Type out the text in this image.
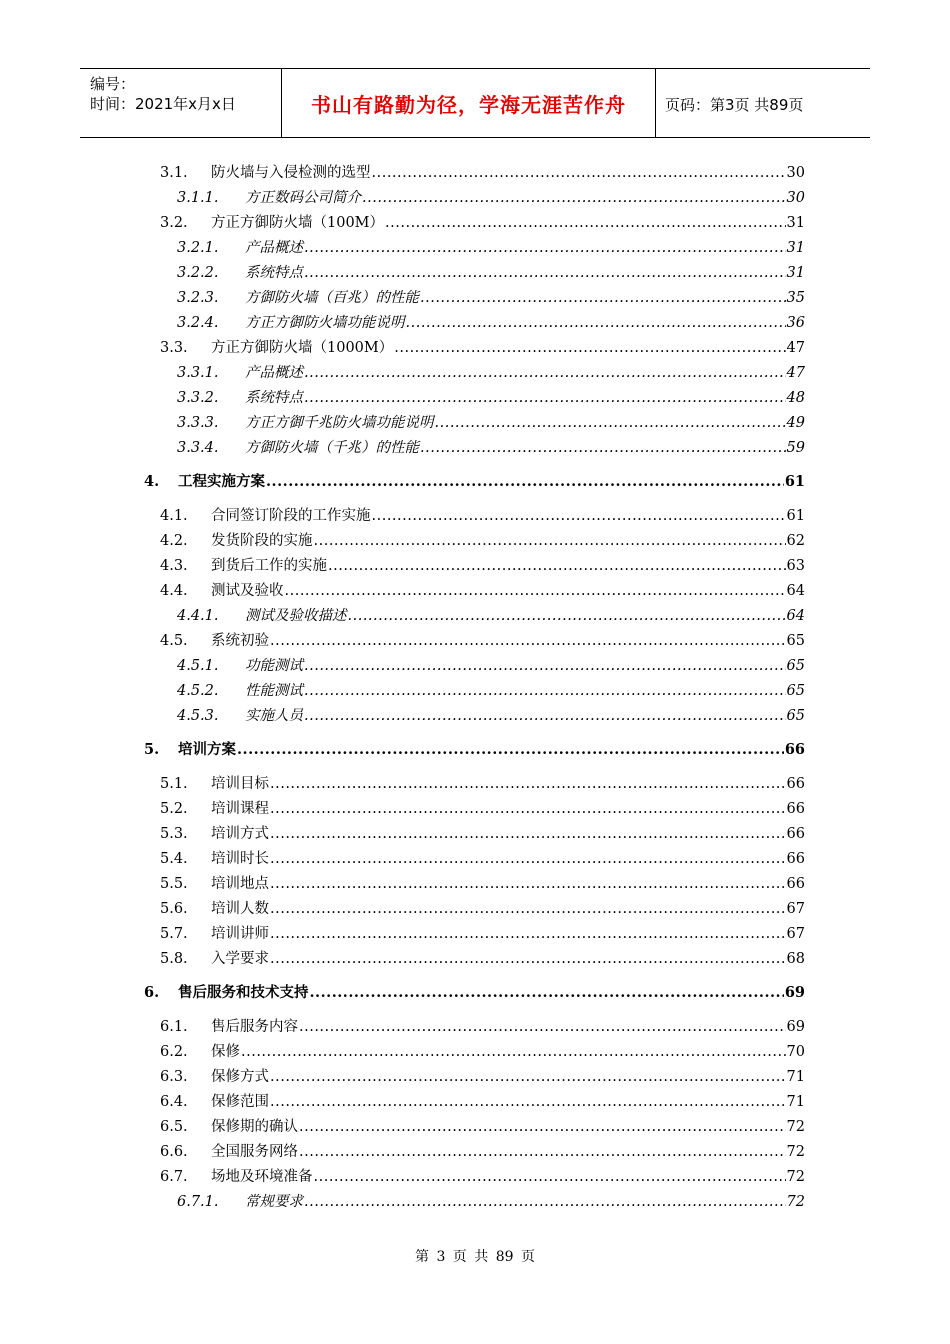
编号：
时间：2021年x月x日	书山有路勤为径，学海无涯苦作舟	页码：第3页 共89页
3.1.	防火墙与入侵检测的选型 .....	30
3.1.1.	方正数码公司简介 .....	30
3.2.	方正方御防火墙（100M） .....	31
3.2.1.	产品概述 .....	31
3.2.2.	系统特点 .....	31
3.2.3.	方御防火墙（百兆）的性能 .....	35
3.2.4.	方正方御防火墙功能说明 .....	36
3.3.	方正方御防火墙（1000M） .....	47
3.3.1.	产品概述 .....	47
3.3.2.	系统特点 .....	48
3.3.3.	方正方御千兆防火墙功能说明 .....	49
3.3.4.	方御防火墙（千兆）的性能 .....	59
4.	工程实施方案 .....	61
4.1.	合同签订阶段的工作实施 .....	61
4.2.	发货阶段的实施 .....	62
4.3.	到货后工作的实施 .....	63
4.4.	测试及验收 .....	64
4.4.1.	测试及验收描述 .....	64
4.5.	系统初验 .....	65
4.5.1.	功能测试 .....	65
4.5.2.	性能测试 .....	65
4.5.3.	实施人员 .....	65
5.	培训方案 .....	66
5.1.	培训目标 .....	66
5.2.	培训课程 .....	66
5.3.	培训方式 .....	66
5.4.	培训时长 .....	66
5.5.	培训地点 .....	66
5.6.	培训人数 .....	67
5.7.	培训讲师 .....	67
5.8.	入学要求 .....	68
6.	售后服务和技术支持 .....	69
6.1.	售后服务内容 .....	69
6.2.	保修 .....	70
6.3.	保修方式 .....	71
6.4.	保修范围 .....	71
6.5.	保修期的确认 .....	72
6.6.	全国服务网络 .....	72
6.7.	场地及环境准备 .....	72
6.7.1.	常规要求 .....	72
第 3 页 共 89 页
